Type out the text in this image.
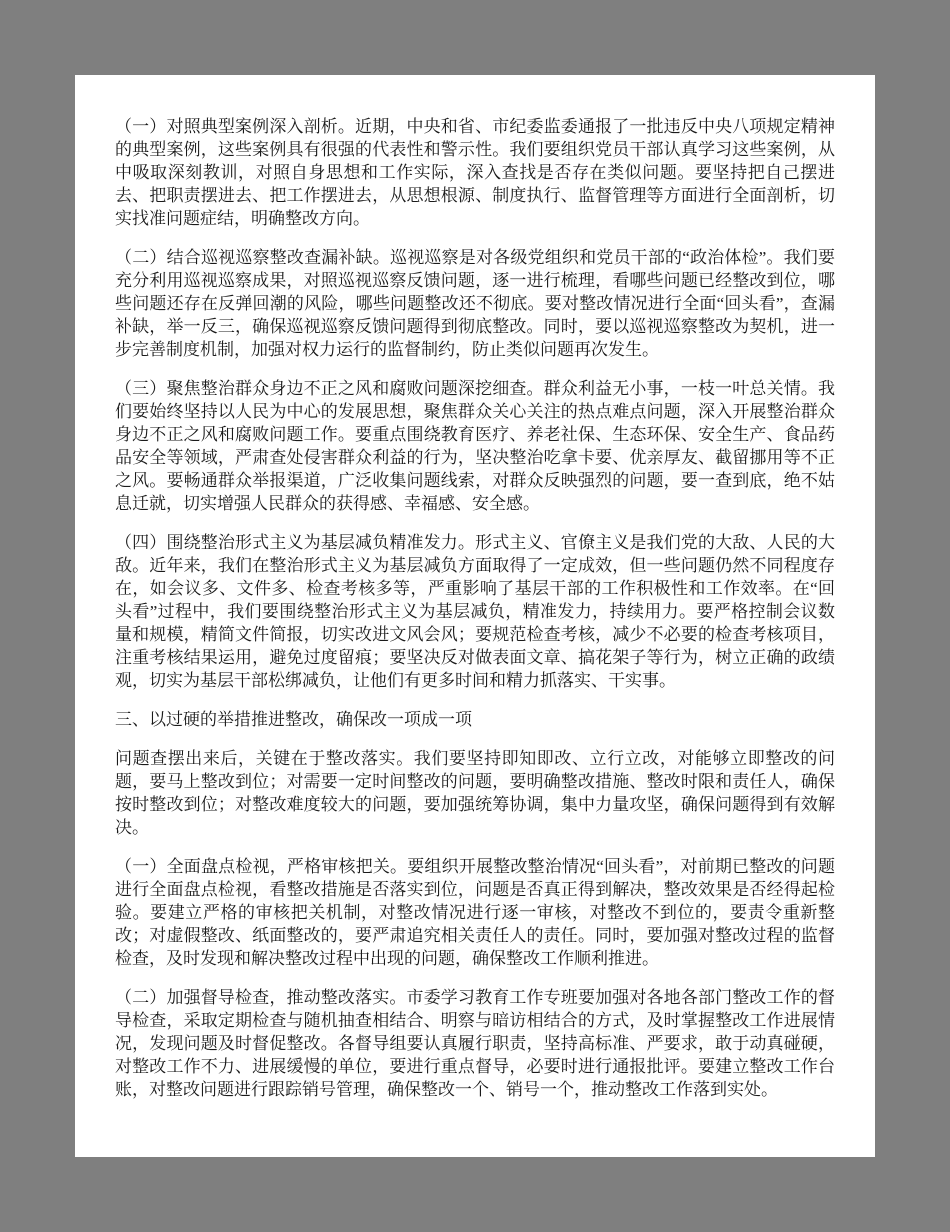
（一）对照典型案例深入剖析。近期，中央和省、市纪委监委通报了一批违反中央八项规定精神的典型案例，这些案例具有很强的代表性和警示性。我们要组织党员干部认真学习这些案例，从中吸取深刻教训，对照自身思想和工作实际，深入查找是否存在类似问题。要坚持把自己摆进去、把职责摆进去、把工作摆进去，从思想根源、制度执行、监督管理等方面进行全面剖析，切实找准问题症结，明确整改方向。

（二）结合巡视巡察整改查漏补缺。巡视巡察是对各级党组织和党员干部的“政治体检”。我们要充分利用巡视巡察成果，对照巡视巡察反馈问题，逐一进行梳理，看哪些问题已经整改到位，哪些问题还存在反弹回潮的风险，哪些问题整改还不彻底。要对整改情况进行全面“回头看”，查漏补缺，举一反三，确保巡视巡察反馈问题得到彻底整改。同时，要以巡视巡察整改为契机，进一步完善制度机制，加强对权力运行的监督制约，防止类似问题再次发生。

（三）聚焦整治群众身边不正之风和腐败问题深挖细查。群众利益无小事，一枝一叶总关情。我们要始终坚持以人民为中心的发展思想，聚焦群众关心关注的热点难点问题，深入开展整治群众身边不正之风和腐败问题工作。要重点围绕教育医疗、养老社保、生态环保、安全生产、食品药品安全等领域，严肃查处侵害群众利益的行为，坚决整治吃拿卡要、优亲厚友、截留挪用等不正之风。要畅通群众举报渠道，广泛收集问题线索，对群众反映强烈的问题，要一查到底，绝不姑息迁就，切实增强人民群众的获得感、幸福感、安全感。

（四）围绕整治形式主义为基层减负精准发力。形式主义、官僚主义是我们党的大敌、人民的大敌。近年来，我们在整治形式主义为基层减负方面取得了一定成效，但一些问题仍然不同程度存在，如会议多、文件多、检查考核多等，严重影响了基层干部的工作积极性和工作效率。在“回头看”过程中，我们要围绕整治形式主义为基层减负，精准发力，持续用力。要严格控制会议数量和规模，精简文件简报，切实改进文风会风；要规范检查考核，减少不必要的检查考核项目，注重考核结果运用，避免过度留痕；要坚决反对做表面文章、搞花架子等行为，树立正确的政绩观，切实为基层干部松绑减负，让他们有更多时间和精力抓落实、干实事。

三、以过硬的举措推进整改，确保改一项成一项

问题查摆出来后，关键在于整改落实。我们要坚持即知即改、立行立改，对能够立即整改的问题，要马上整改到位；对需要一定时间整改的问题，要明确整改措施、整改时限和责任人，确保按时整改到位；对整改难度较大的问题，要加强统筹协调，集中力量攻坚，确保问题得到有效解决。

（一）全面盘点检视，严格审核把关。要组织开展整改整治情况“回头看”，对前期已整改的问题进行全面盘点检视，看整改措施是否落实到位，问题是否真正得到解决，整改效果是否经得起检验。要建立严格的审核把关机制，对整改情况进行逐一审核，对整改不到位的，要责令重新整改；对虚假整改、纸面整改的，要严肃追究相关责任人的责任。同时，要加强对整改过程的监督检查，及时发现和解决整改过程中出现的问题，确保整改工作顺利推进。

（二）加强督导检查，推动整改落实。市委学习教育工作专班要加强对各地各部门整改工作的督导检查，采取定期检查与随机抽查相结合、明察与暗访相结合的方式，及时掌握整改工作进展情况，发现问题及时督促整改。各督导组要认真履行职责，坚持高标准、严要求，敢于动真碰硬，对整改工作不力、进展缓慢的单位，要进行重点督导，必要时进行通报批评。要建立整改工作台账，对整改问题进行跟踪销号管理，确保整改一个、销号一个，推动整改工作落到实处。
